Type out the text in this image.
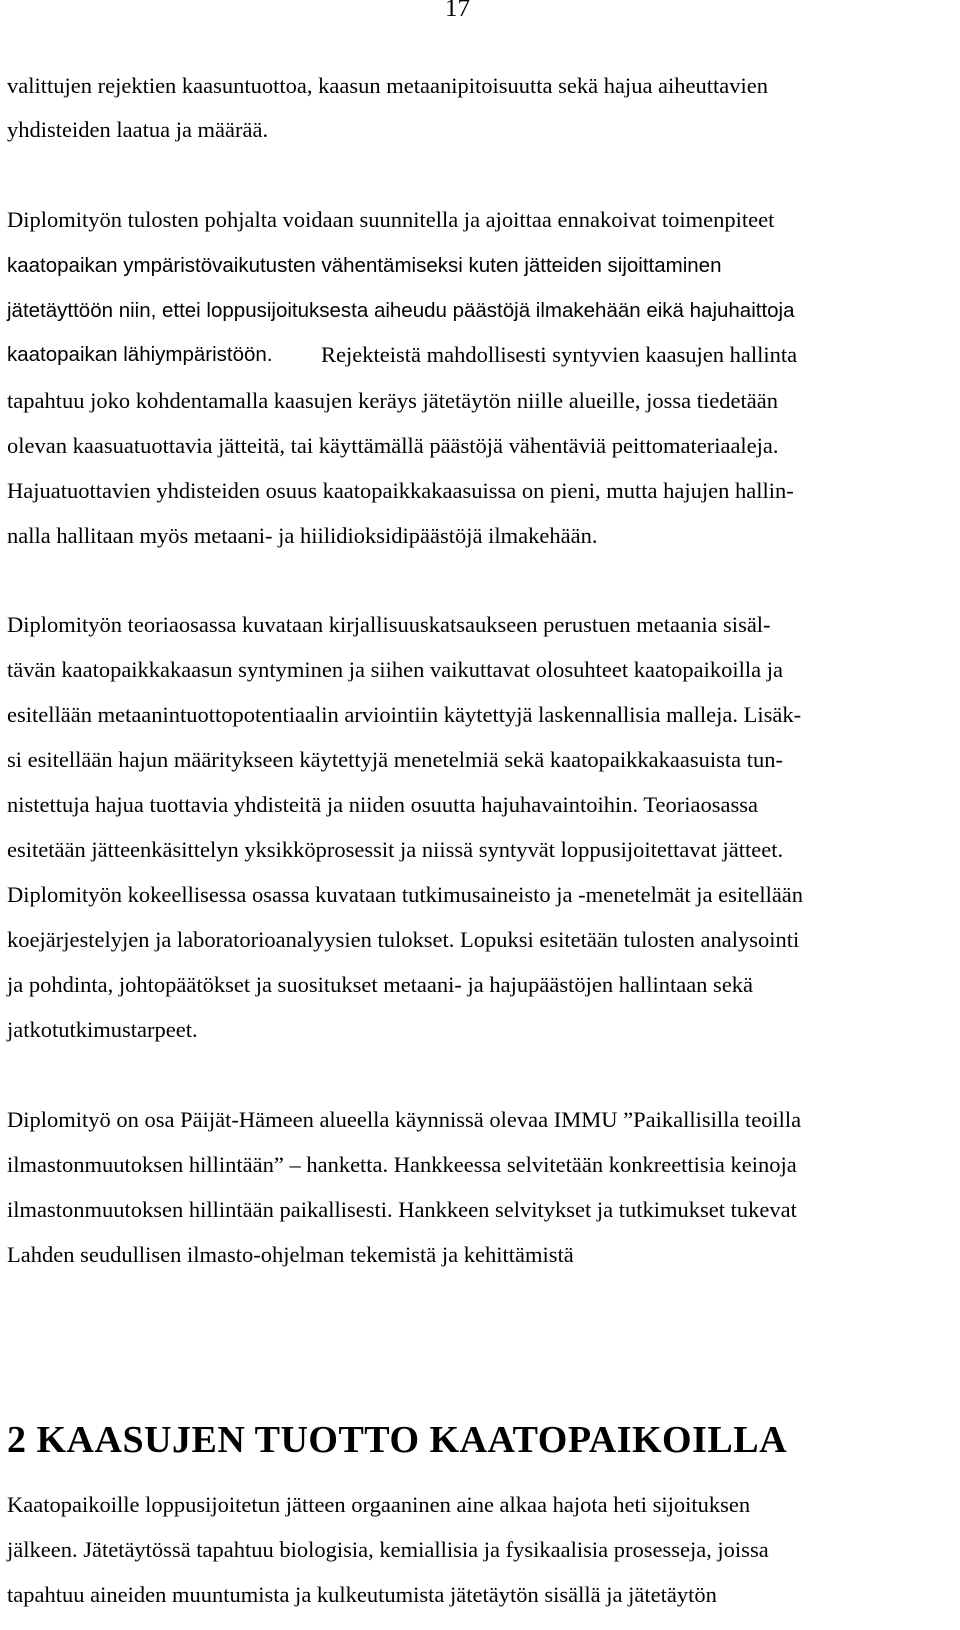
17
valittujen rejektien kaasuntuottoa, kaasun metaanipitoisuutta sekä hajua aiheuttavien
yhdisteiden laatua ja määrää.
Diplomityön tulosten pohjalta voidaan suunnitella ja ajoittaa ennakoivat toimenpiteet
kaatopaikan ympäristövaikutusten vähentämiseksi kuten jätteiden sijoittaminen
jätetäyttöön niin, ettei loppusijoituksesta aiheudu päästöjä ilmakehään eikä hajuhaittoja
kaatopaikan lähiympäristöön. Rejekteistä mahdollisesti syntyvien kaasujen hallinta
tapahtuu joko kohdentamalla kaasujen keräys jätetäytön niille alueille, jossa tiedetään
olevan kaasuatuottavia jätteitä, tai käyttämällä päästöjä vähentäviä peittomateriaaleja.
Hajuatuottavien yhdisteiden osuus kaatopaikkakaasuissa on pieni, mutta hajujen hallin-
nalla hallitaan myös metaani- ja hiilidioksidipäästöjä ilmakehään.
Diplomityön teoriaosassa kuvataan kirjallisuuskatsaukseen perustuen metaania sisäl-
tävän kaatopaikkakaasun syntyminen ja siihen vaikuttavat olosuhteet kaatopaikoilla ja
esitellään metaanintuottopotentiaalin arviointiin käytettyjä laskennallisia malleja. Lisäk-
si esitellään hajun määritykseen käytettyjä menetelmiä sekä kaatopaikkakaasuista tun-
nistettuja hajua tuottavia yhdisteitä ja niiden osuutta hajuhavaintoihin. Teoriaosassa
esitetään jätteenkäsittelyn yksikköprosessit ja niissä syntyvät loppusijoitettavat jätteet.
Diplomityön kokeellisessa osassa kuvataan tutkimusaineisto ja -menetelmät ja esitellään
koejärjestelyjen ja laboratorioanalyysien tulokset. Lopuksi esitetään tulosten analysointi
ja pohdinta, johtopäätökset ja suositukset metaani- ja hajupäästöjen hallintaan sekä
jatkotutkimustarpeet.
Diplomityö on osa Päijät-Hämeen alueella käynnissä olevaa IMMU ”Paikallisilla teoilla
ilmastonmuutoksen hillintään” – hanketta. Hankkeessa selvitetään konkreettisia keinoja
ilmastonmuutoksen hillintään paikallisesti. Hankkeen selvitykset ja tutkimukset tukevat
Lahden seudullisen ilmasto-ohjelman tekemistä ja kehittämistä
2 KAASUJEN TUOTTO KAATOPAIKOILLA
Kaatopaikoille loppusijoitetun jätteen orgaaninen aine alkaa hajota heti sijoituksen
jälkeen. Jätetäytössä tapahtuu biologisia, kemiallisia ja fysikaalisia prosesseja, joissa
tapahtuu aineiden muuntumista ja kulkeutumista jätetäytön sisällä ja jätetäytön
